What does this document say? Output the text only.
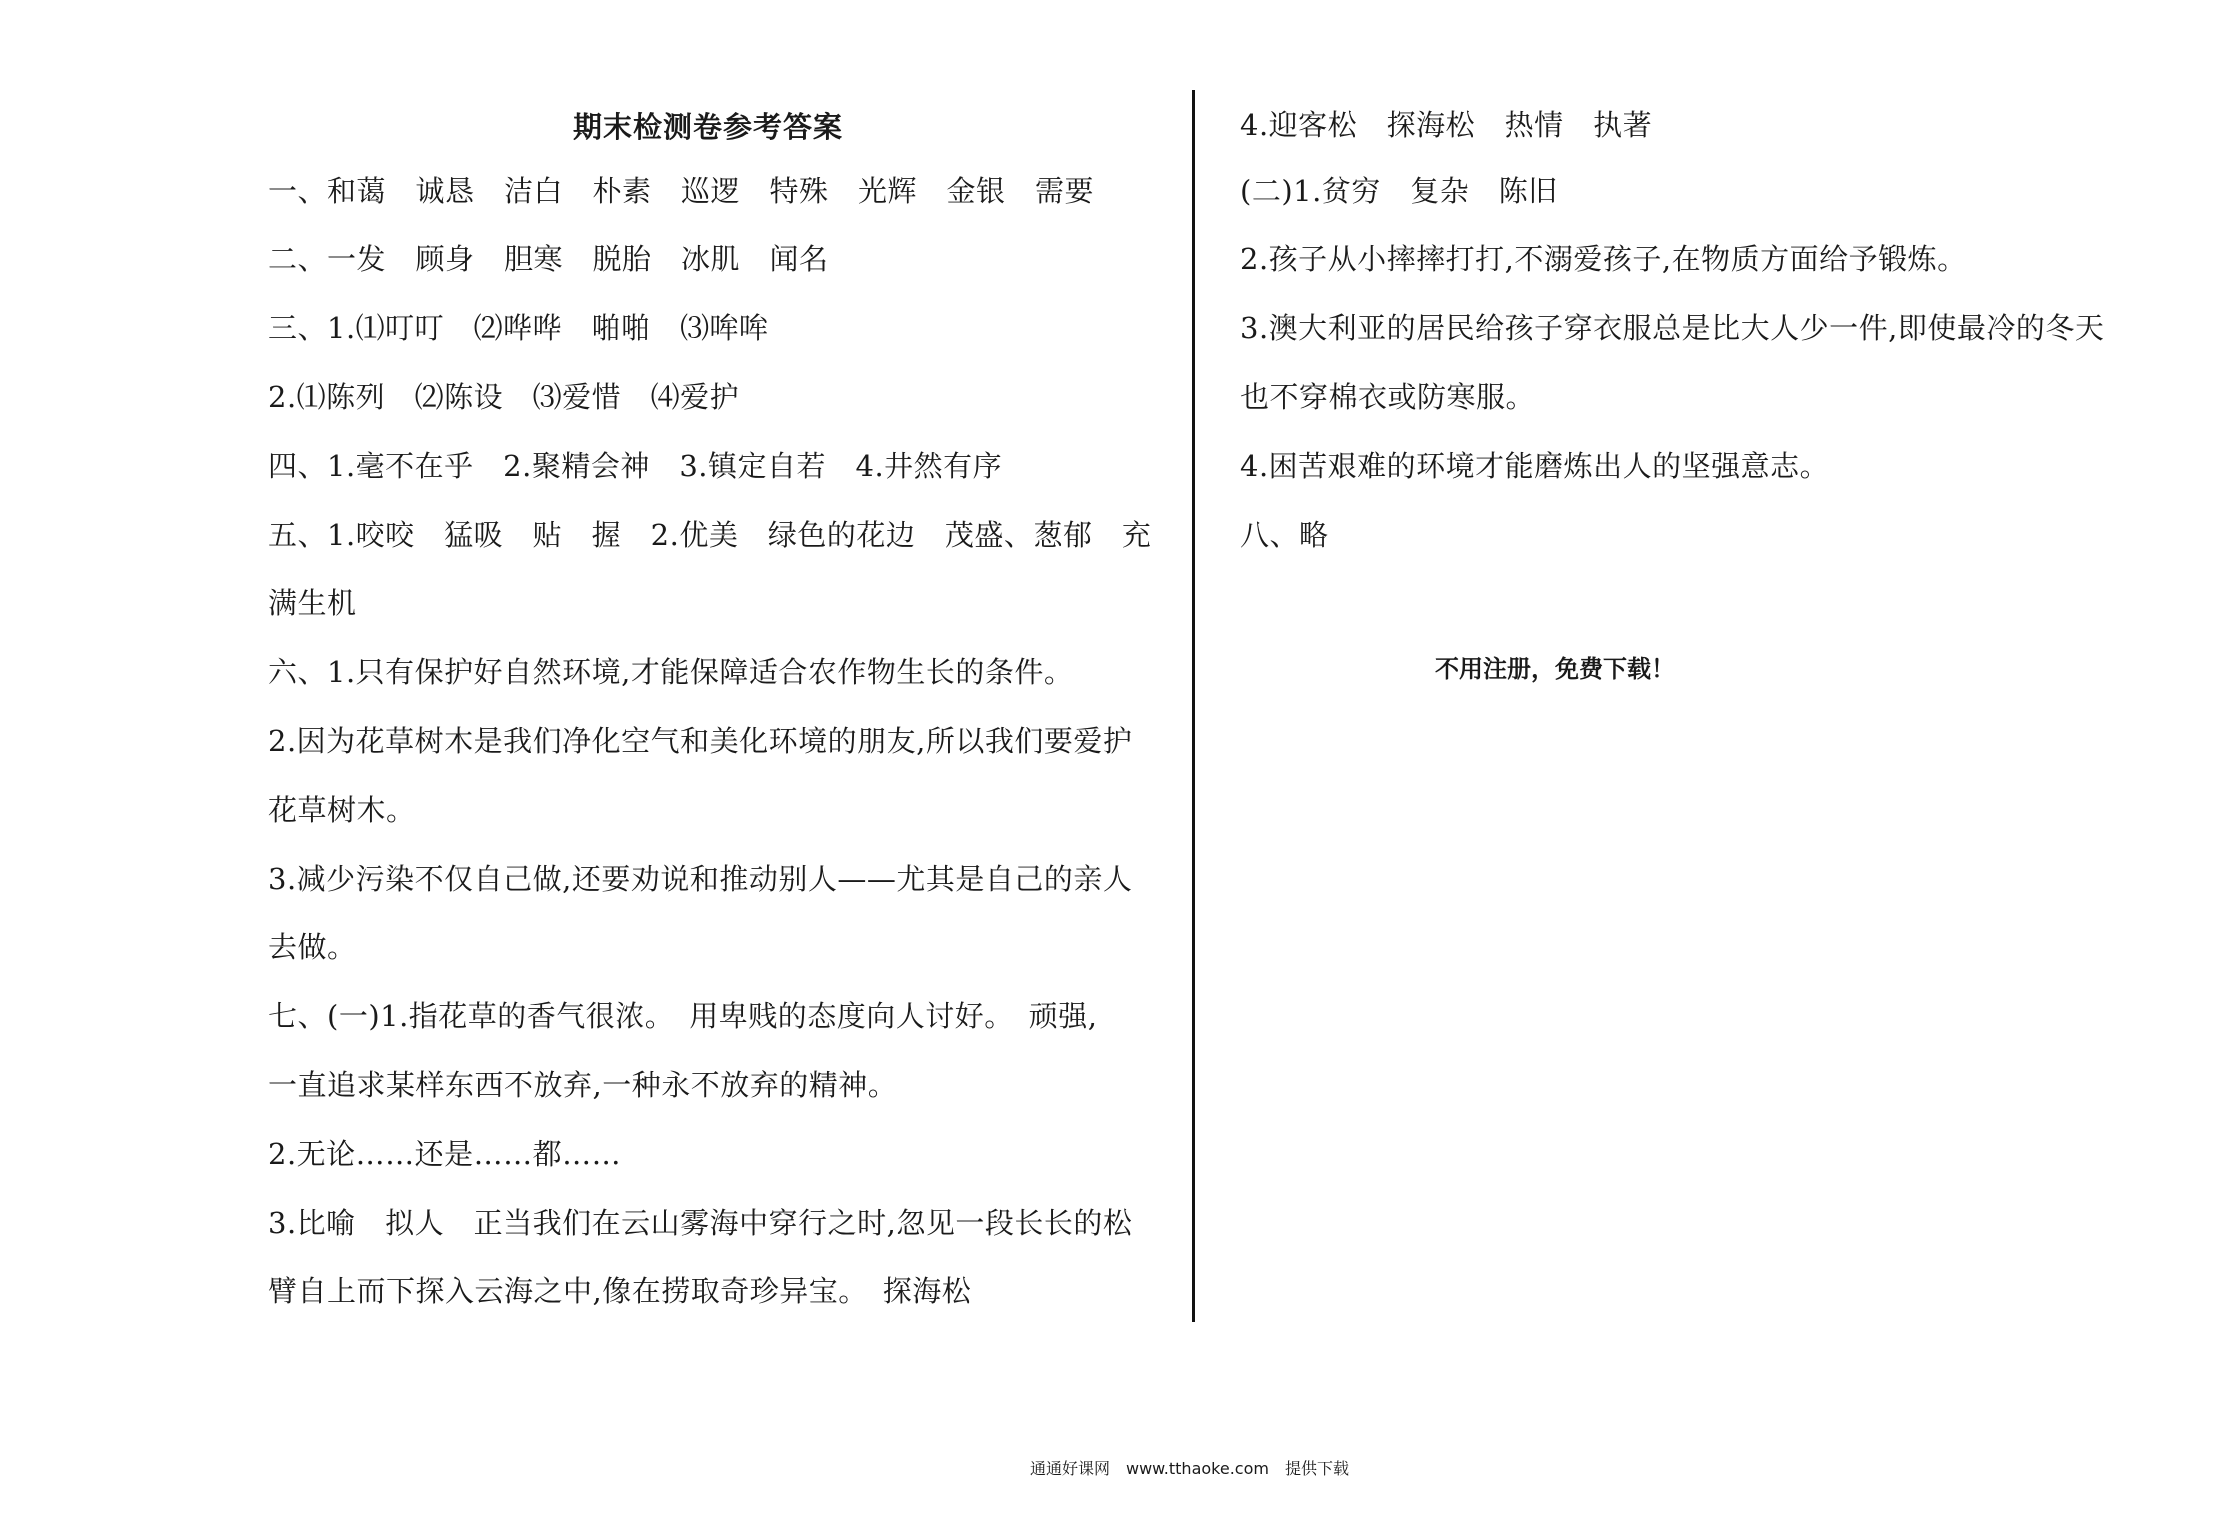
期末检测卷参考答案
一、和蔼　诚恳　洁白　朴素　巡逻　特殊　光辉　金银　需要
二、一发　顾身　胆寒　脱胎　冰肌　闻名
三、1.⑴叮叮　⑵哗哗　啪啪　⑶哞哞
2.⑴陈列　⑵陈设　⑶爱惜　⑷爱护
四、1.毫不在乎　2.聚精会神　3.镇定自若　4.井然有序
五、1.咬咬　猛吸　贴　握　2.优美　绿色的花边　茂盛、葱郁　充
满生机
六、1.只有保护好自然环境,才能保障适合农作物生长的条件。
2.因为花草树木是我们净化空气和美化环境的朋友,所以我们要爱护
花草树木。
3.减少污染不仅自己做,还要劝说和推动别人——尤其是自己的亲人
去做。
七、(一)1.指花草的香气很浓。　用卑贱的态度向人讨好。　顽强,
一直追求某样东西不放弃,一种永不放弃的精神。
2.无论……还是……都……
3.比喻　拟人　正当我们在云山雾海中穿行之时,忽见一段长长的松
臂自上而下探入云海之中,像在捞取奇珍异宝。　探海松
4.迎客松　探海松　热情　执著
(二)1.贫穷　复杂　陈旧
2.孩子从小摔摔打打,不溺爱孩子,在物质方面给予锻炼。
3.澳大利亚的居民给孩子穿衣服总是比大人少一件,即使最冷的冬天
也不穿棉衣或防寒服。
4.困苦艰难的环境才能磨炼出人的坚强意志。
八、略
不用注册，免费下载！
通通好课网　www.tthaoke.com　提供下载
